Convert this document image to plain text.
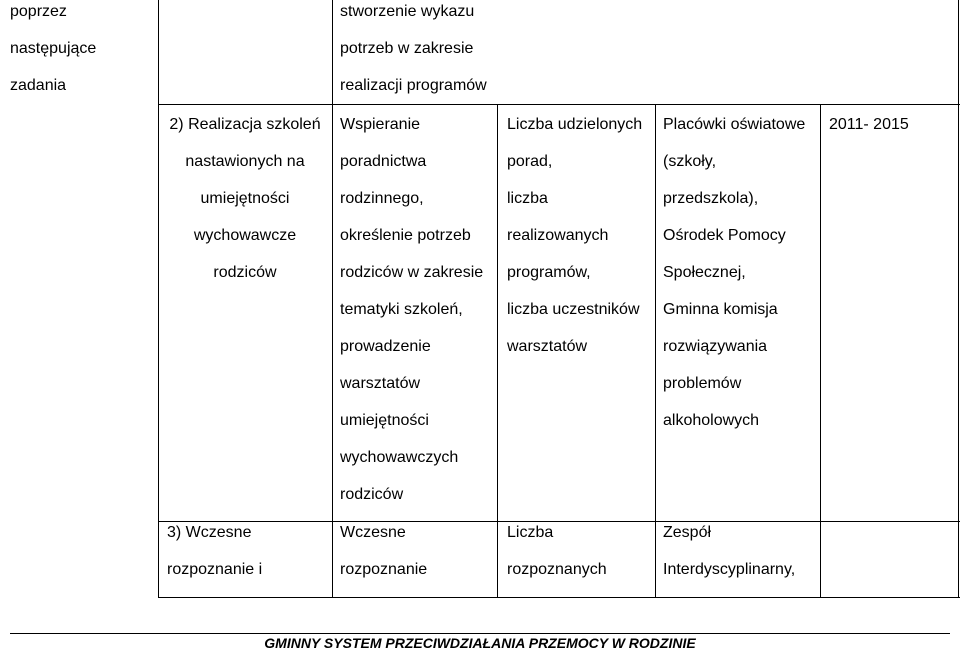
poprzez
następujące
zadania
stworzenie wykazu
potrzeb w zakresie
realizacji programów
2) Realizacja szkoleń
nastawionych na
umiejętności
wychowawcze
rodziców
Wspieranie
poradnictwa
rodzinnego,
określenie potrzeb
rodziców w zakresie
tematyki szkoleń,
prowadzenie
warsztatów
umiejętności
wychowawczych
rodziców
Liczba udzielonych
porad,
liczba
realizowanych
programów,
liczba uczestników
warsztatów
Placówki oświatowe
(szkoły,
przedszkola),
Ośrodek Pomocy
Społecznej,
Gminna komisja
rozwiązywania
problemów
alkoholowych
2011- 2015
3) Wczesne
rozpoznanie i
Wczesne
rozpoznanie
Liczba
rozpoznanych
Zespół
Interdyscyplinarny,
GMINNY SYSTEM PRZECIWDZIAŁANIA PRZEMOCY W RODZINIE
